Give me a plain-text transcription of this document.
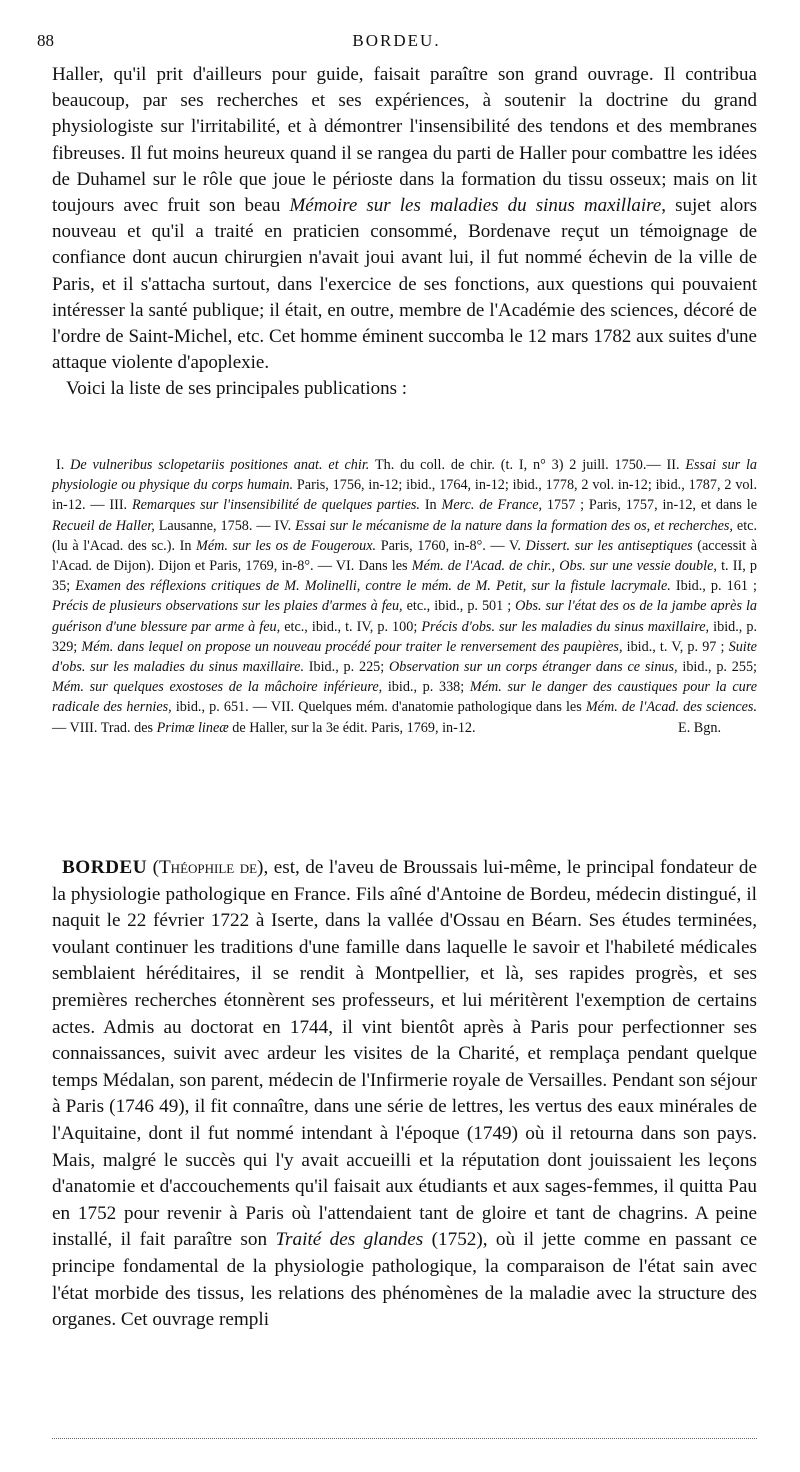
88	BORDEU.
Haller, qu'il prit d'ailleurs pour guide, faisait paraître son grand ouvrage. Il contribua beaucoup, par ses recherches et ses expériences, à soutenir la doctrine du grand physiologiste sur l'irritabilité, et à démontrer l'insensibilité des tendons et des membranes fibreuses. Il fut moins heureux quand il se rangea du parti de Haller pour combattre les idées de Duhamel sur le rôle que joue le périoste dans la formation du tissu osseux; mais on lit toujours avec fruit son beau Mémoire sur les maladies du sinus maxillaire, sujet alors nouveau et qu'il a traité en praticien consommé, Bordenave reçut un témoignage de confiance dont aucun chirurgien n'avait joui avant lui, il fut nommé échevin de la ville de Paris, et il s'attacha surtout, dans l'exercice de ses fonctions, aux questions qui pouvaient intéresser la santé publique; il était, en outre, membre de l'Académie des sciences, décoré de l'ordre de Saint-Michel, etc. Cet homme éminent succomba le 12 mars 1782 aux suites d'une attaque violente d'apoplexie.
Voici la liste de ses principales publications :
I. De vulneribus sclopetariis positiones anat. et chir. Th. du coll. de chir. (t. I, n° 3) 2 juill. 1750.— II. Essai sur la physiologie ou physique du corps humain. Paris, 1756, in-12; ibid., 1764, in-12; ibid., 1778, 2 vol. in-12; ibid., 1787, 2 vol. in-12. — III. Remarques sur l'insensibilité de quelques parties. In Merc. de France, 1757 ; Paris, 1757, in-12, et dans le Recueil de Haller, Lausanne, 1758. — IV. Essai sur le mécanisme de la nature dans la formation des os, et recherches, etc. (lu à l'Acad. des sc.). In Mém. sur les os de Fougeroux. Paris, 1760, in-8°. — V. Dissert. sur les antiseptiques (accessit à l'Acad. de Dijon). Dijon et Paris, 1769, in-8°. — VI. Dans les Mém. de l'Acad. de chir., Obs. sur une vessie double, t. II, p 35; Examen des réflexions critiques de M. Molinelli, contre le mém. de M. Petit, sur la fistule lacrymale. Ibid., p. 161 ; Précis de plusieurs observations sur les plaies d'armes à feu, etc., ibid., p. 501 ; Obs. sur l'état des os de la jambe après la guérison d'une blessure par arme à feu, etc., ibid., t. IV, p. 100; Précis d'obs. sur les maladies du sinus maxillaire, ibid., p. 329; Mém. dans lequel on propose un nouveau procédé pour traiter le renversement des paupières, ibid., t. V, p. 97 ; Suite d'obs. sur les maladies du sinus maxillaire. Ibid., p. 225; Observation sur un corps étranger dans ce sinus, ibid., p. 255; Mém. sur quelques exostoses de la mâchoire inférieure, ibid., p. 338; Mém. sur le danger des caustiques pour la cure radicale des hernies, ibid., p. 651. — VII. Quelques mém. d'anatomie pathologique dans les Mém. de l'Acad. des sciences.— VIII. Trad. des Primæ lineæ de Haller, sur la 3e édit. Paris, 1769, in-12.	E. Bgn.
BORDEU (Théophile de), est, de l'aveu de Broussais lui-même, le principal fondateur de la physiologie pathologique en France. Fils aîné d'Antoine de Bordeu, médecin distingué, il naquit le 22 février 1722 à Iserte, dans la vallée d'Ossau en Béarn. Ses études terminées, voulant continuer les traditions d'une famille dans laquelle le savoir et l'habileté médicales semblaient héréditaires, il se rendit à Montpellier, et là, ses rapides progrès, et ses premières recherches étonnèrent ses professeurs, et lui méritèrent l'exemption de certains actes. Admis au doctorat en 1744, il vint bientôt après à Paris pour perfectionner ses connaissances, suivit avec ardeur les visites de la Charité, et remplaça pendant quelque temps Médalan, son parent, médecin de l'Infirmerie royale de Versailles. Pendant son séjour à Paris (1746 49), il fit connaître, dans une série de lettres, les vertus des eaux minérales de l'Aquitaine, dont il fut nommé intendant à l'époque (1749) où il retourna dans son pays. Mais, malgré le succès qui l'y avait accueilli et la réputation dont jouissaient les leçons d'anatomie et d'accouchements qu'il faisait aux étudiants et aux sages-femmes, il quitta Pau en 1752 pour revenir à Paris où l'attendaient tant de gloire et tant de chagrins. A peine installé, il fait paraître son Traité des glandes (1752), où il jette comme en passant ce principe fondamental de la physiologie pathologique, la comparaison de l'état sain avec l'état morbide des tissus, les relations des phénomènes de la maladie avec la structure des organes. Cet ouvrage rempli
